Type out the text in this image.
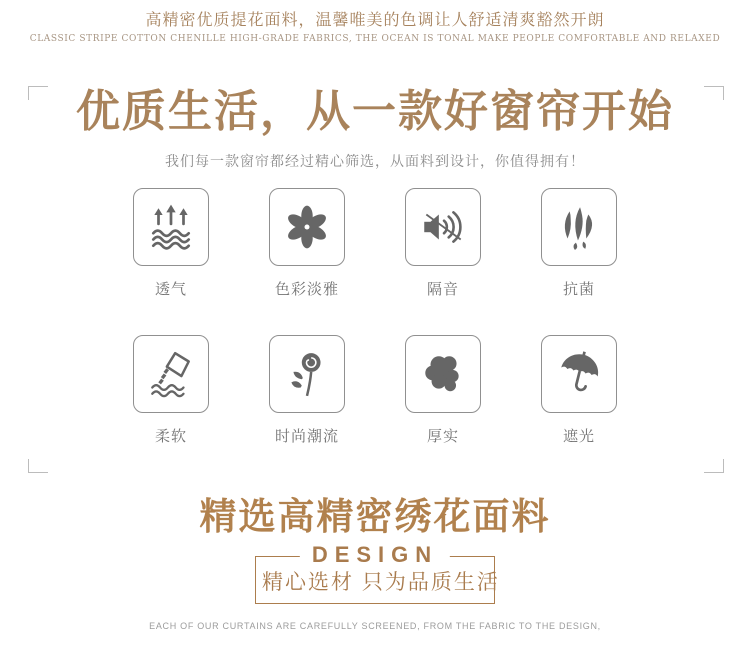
高精密优质提花面料，温馨唯美的色调让人舒适清爽豁然开朗
CLASSIC STRIPE COTTON CHENILLE HIGH-GRADE FABRICS, THE OCEAN IS TONAL MAKE PEOPLE COMFORTABLE AND RELAXED
优质生活，从一款好窗帘开始
我们每一款窗帘都经过精心筛选，从面料到设计，你值得拥有！
透气	色彩淡雅	隔音	抗菌
柔软	时尚潮流	厚实	遮光
精选高精密绣花面料
DESIGN
精心选材 只为品质生活
EACH OF OUR CURTAINS ARE CAREFULLY SCREENED, FROM THE FABRIC TO THE DESIGN,
